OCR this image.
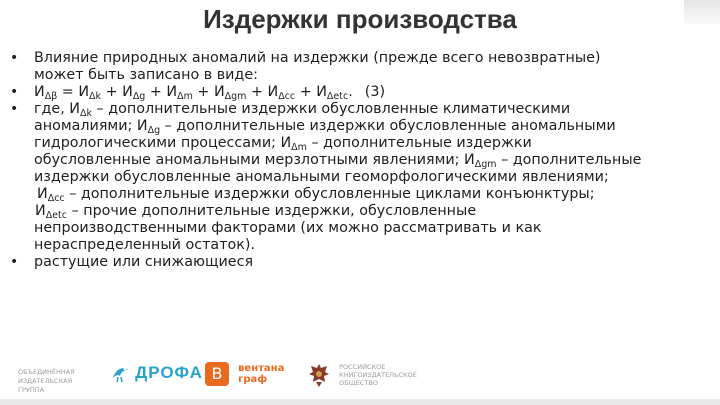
Издержки производства
• Влияние природных аномалий на издержки (прежде всего невозвратные)
может быть записано в виде:
• $И_{\Delta\beta} = И_{\Delta k} + И_{\Delta g} + И_{\Delta m} + И_{\Delta gm} + И_{\Delta cc} + И_{\Delta etc}$. (3)
• где, $И_{\Delta k}$ – дополнительные издержки обусловленные климатическими
аномалиями; $И_{\Delta g}$ – дополнительные издержки обусловленные аномальными
гидрологическими процессами; $И_{\Delta m}$ – дополнительные издержки
обусловленные аномальными мерзлотными явлениями; $И_{\Delta gm}$ – дополнительные
издержки обусловленные аномальными геоморфологическими явлениями;
$И_{\Delta cc}$ – дополнительные издержки обусловленные циклами конъюнктуры;
$И_{\Delta etc}$ – прочие дополнительные издержки, обусловленные
непроизводственными факторами (их можно рассматривать и как
нераспределенный остаток).
• растущие или снижающиеся
ОБЪЕДИНЁННАЯ ИЗДАТЕЛЬСКАЯ ГРУППА
ДРОФА В вентана
граф
РОССИЙСКОЕ КНИГОИЗДАТЕЛЬСКОЕ ОБЩЕСТВО
